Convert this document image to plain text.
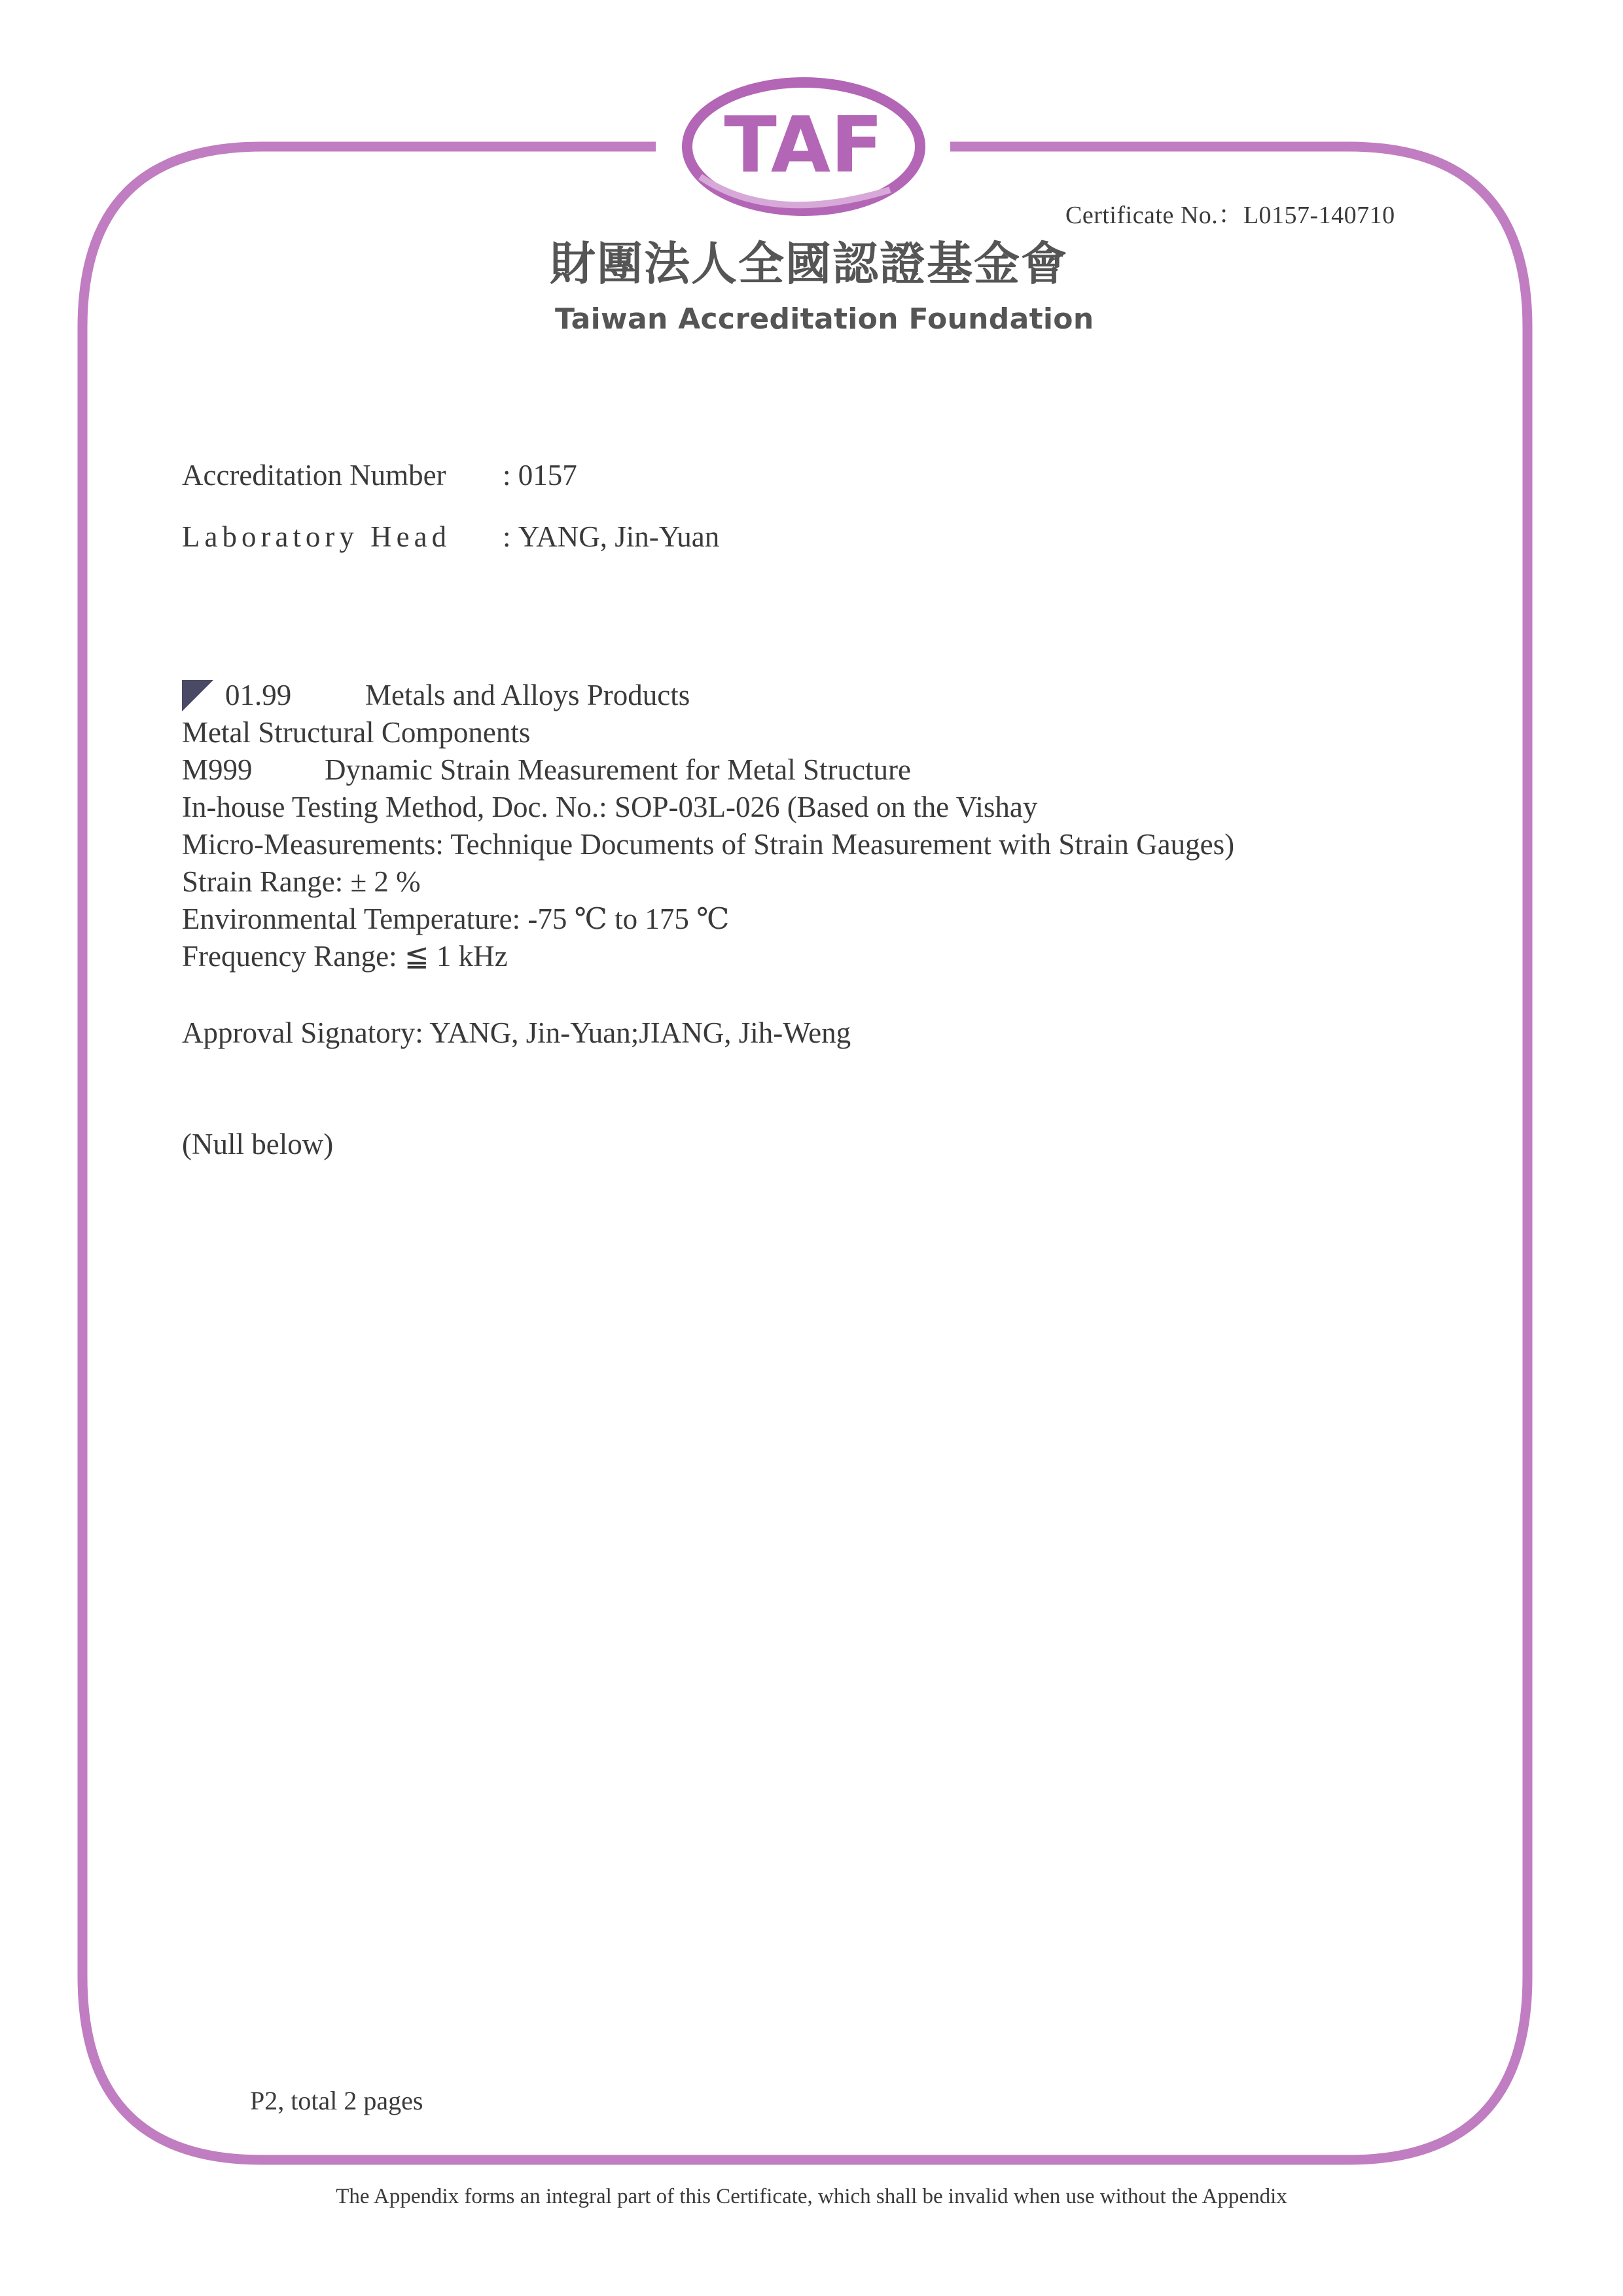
TAF
Certificate No.：L0157-140710
財團法人全國認證基金會
Taiwan Accreditation Foundation
Accreditation Number : 0157
Laboratory Head : YANG, Jin-Yuan
01.99	Metals and Alloys Products
Metal Structural Components
M999 Dynamic Strain Measurement for Metal Structure
In-house Testing Method, Doc. No.: SOP-03L-026 (Based on the Vishay
Micro-Measurements: Technique Documents of Strain Measurement with Strain Gauges)
Strain Range: ± 2 %
Environmental Temperature: -75 ℃ to 175 ℃
Frequency Range: ≦ 1 kHz
Approval Signatory: YANG, Jin-Yuan;JIANG, Jih-Weng
(Null below)
P2, total 2 pages
The Appendix forms an integral part of this Certificate, which shall be invalid when use without the Appendix
